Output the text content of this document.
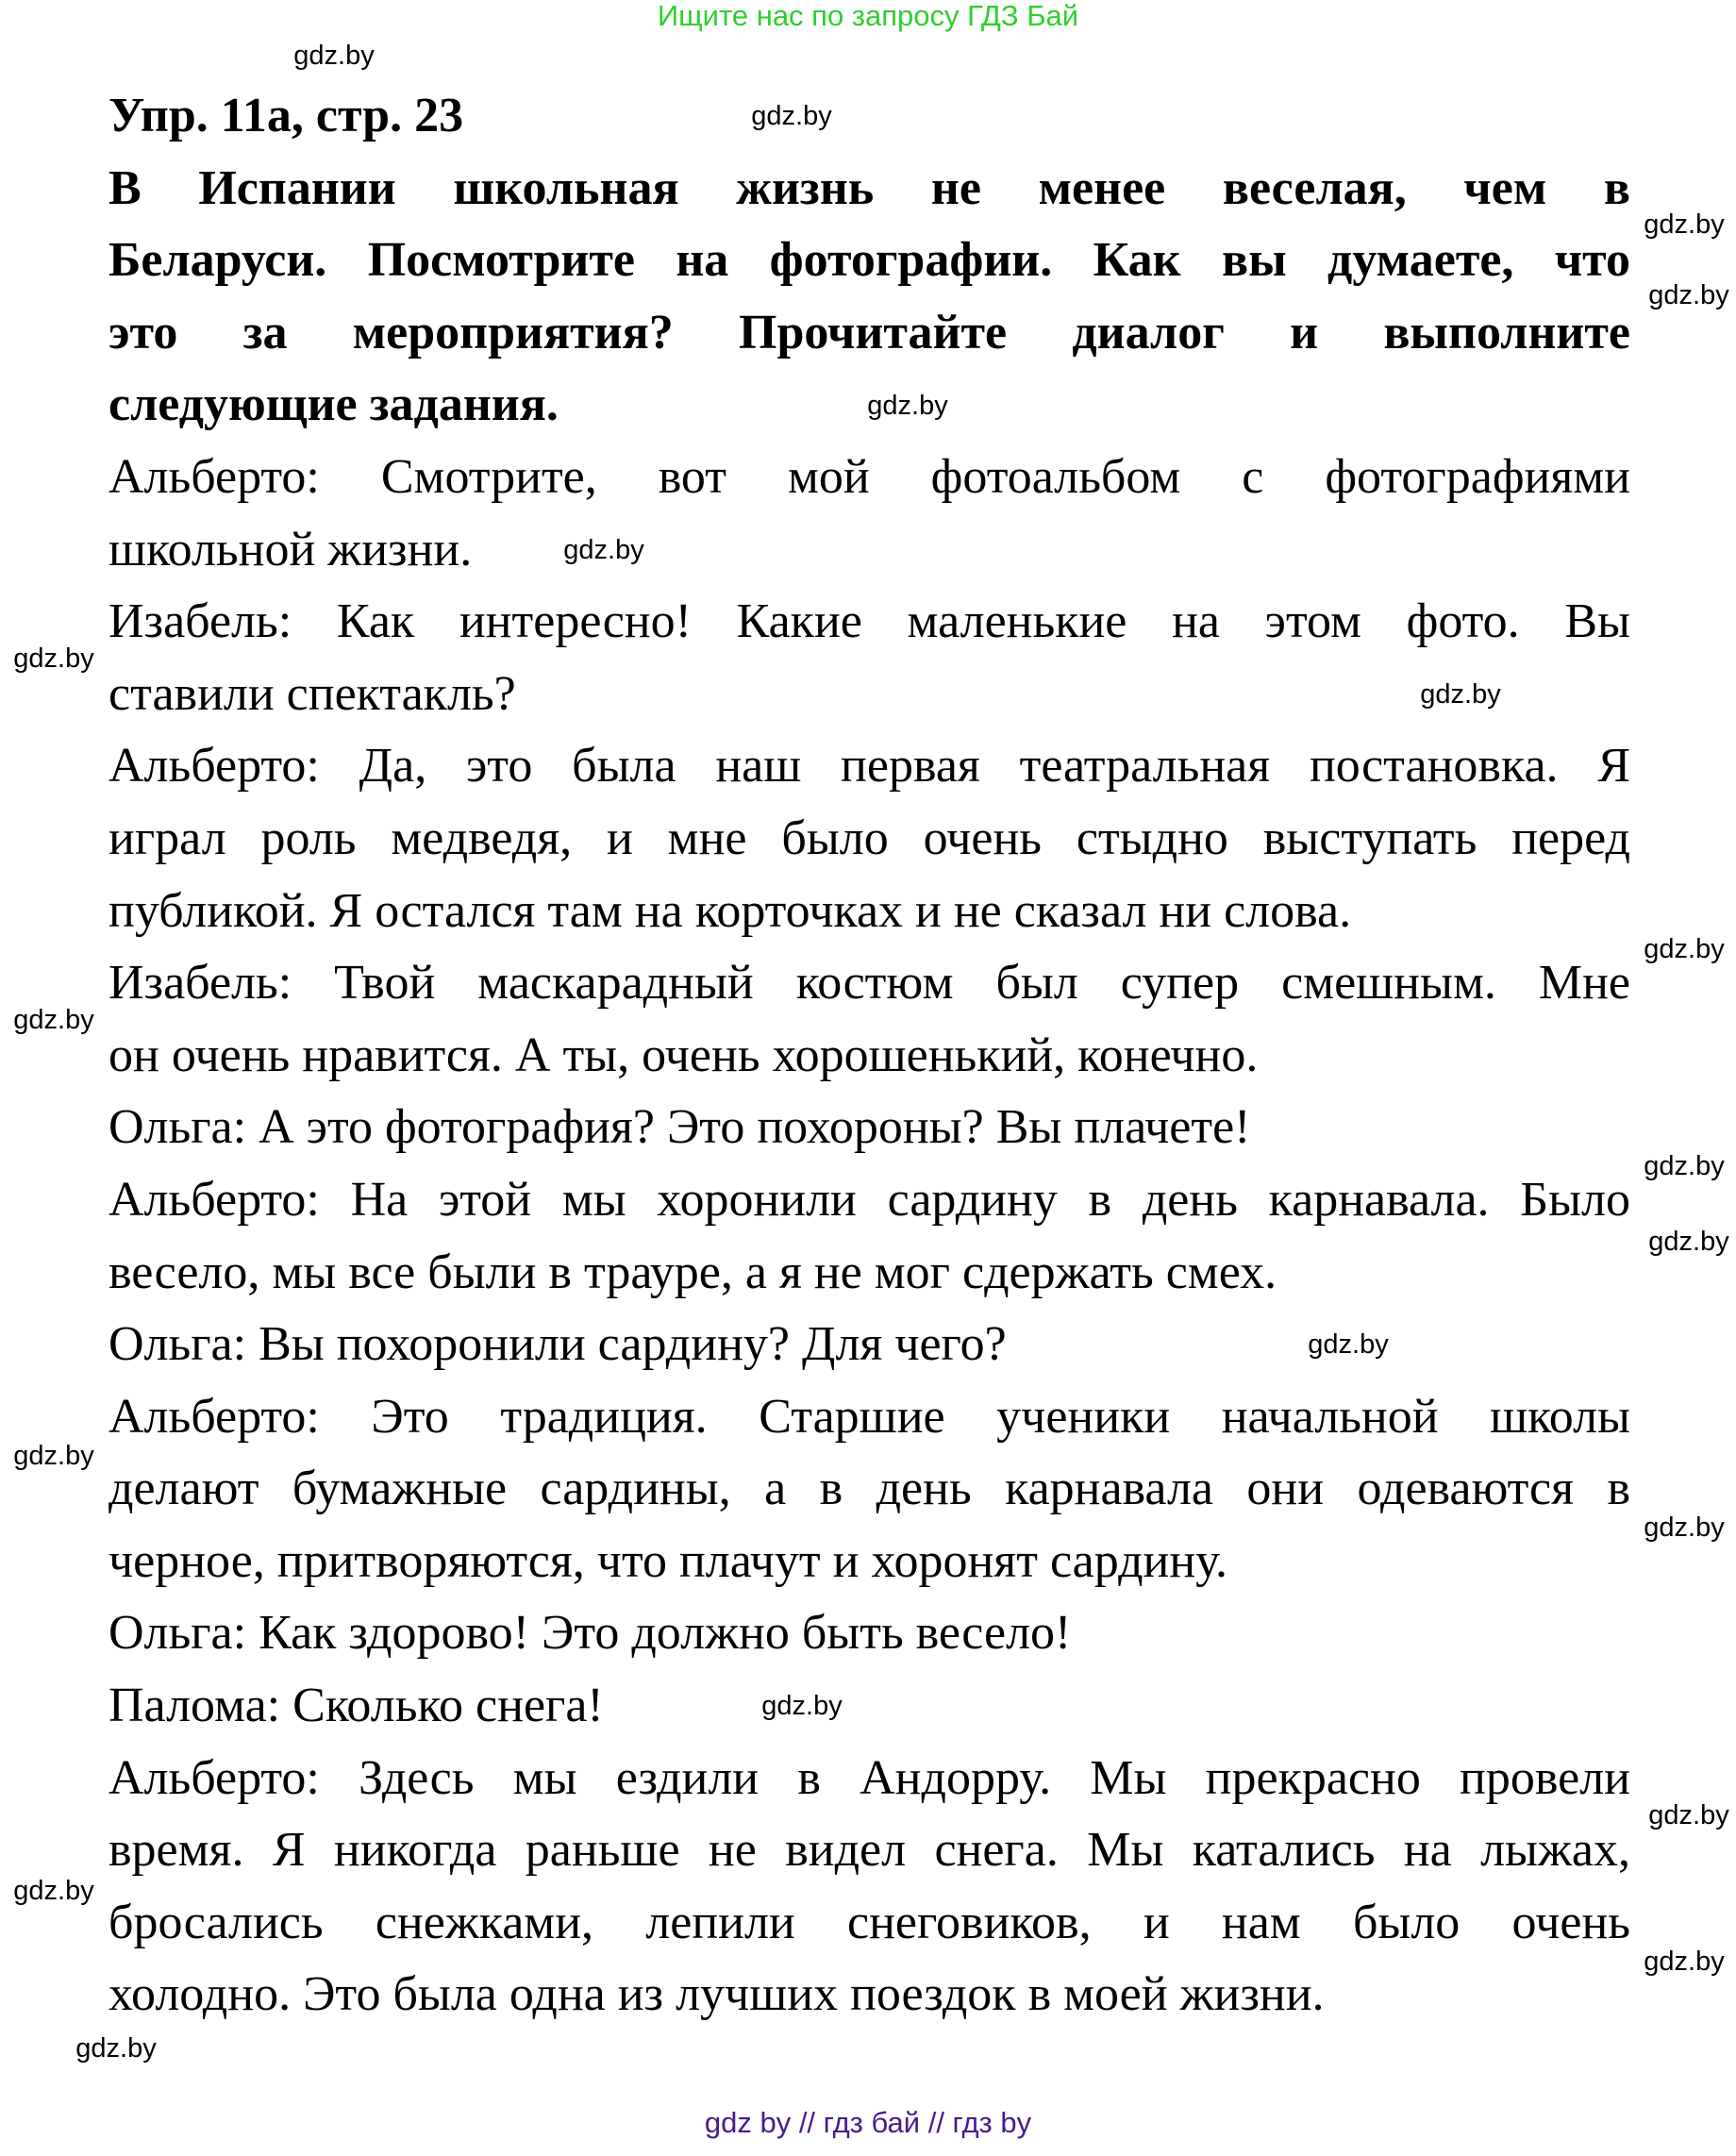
Ищите нас по запросу ГДЗ Бай
Упр. 11а, стр. 23
В Испании школьная жизнь не менее веселая, чем в
Беларуси. Посмотрите на фотографии. Как вы думаете, что
это за мероприятия? Прочитайте диалог и выполните
следующие задания.
Альберто: Смотрите, вот мой фотоальбом с фотографиями
школьной жизни.
Изабель: Как интересно! Какие маленькие на этом фото. Вы
ставили спектакль?
Альберто: Да, это была наш первая театральная постановка. Я
играл роль медведя, и мне было очень стыдно выступать перед
публикой. Я остался там на корточках и не сказал ни слова.
Изабель: Твой маскарадный костюм был супер смешным. Мне
он очень нравится. А ты, очень хорошенький, конечно.
Ольга: А это фотография? Это похороны? Вы плачете!
Альберто: На этой мы хоронили сардину в день карнавала. Было
весело, мы все были в трауре, а я не мог сдержать смех.
Ольга: Вы похоронили сардину? Для чего?
Альберто: Это традиция. Старшие ученики начальной школы
делают бумажные сардины, а в день карнавала они одеваются в
черное, притворяются, что плачут и хоронят сардину.
Ольга: Как здорово! Это должно быть весело!
Палома: Сколько снега!
Альберто: Здесь мы ездили в Андорру. Мы прекрасно провели
время. Я никогда раньше не видел снега. Мы катались на лыжах,
бросались снежками, лепили снеговиков, и нам было очень
холодно. Это была одна из лучших поездок в моей жизни.
gdz.by
gdz.by
gdz.by
gdz.by
gdz.by
gdz.by
gdz.by
gdz.by
gdz.by
gdz.by
gdz.by
gdz.by
gdz.by
gdz.by
gdz.by
gdz.by
gdz.by
gdz.by
gdz.by
gdz.by
gdz by // гдз бай // гдз by
